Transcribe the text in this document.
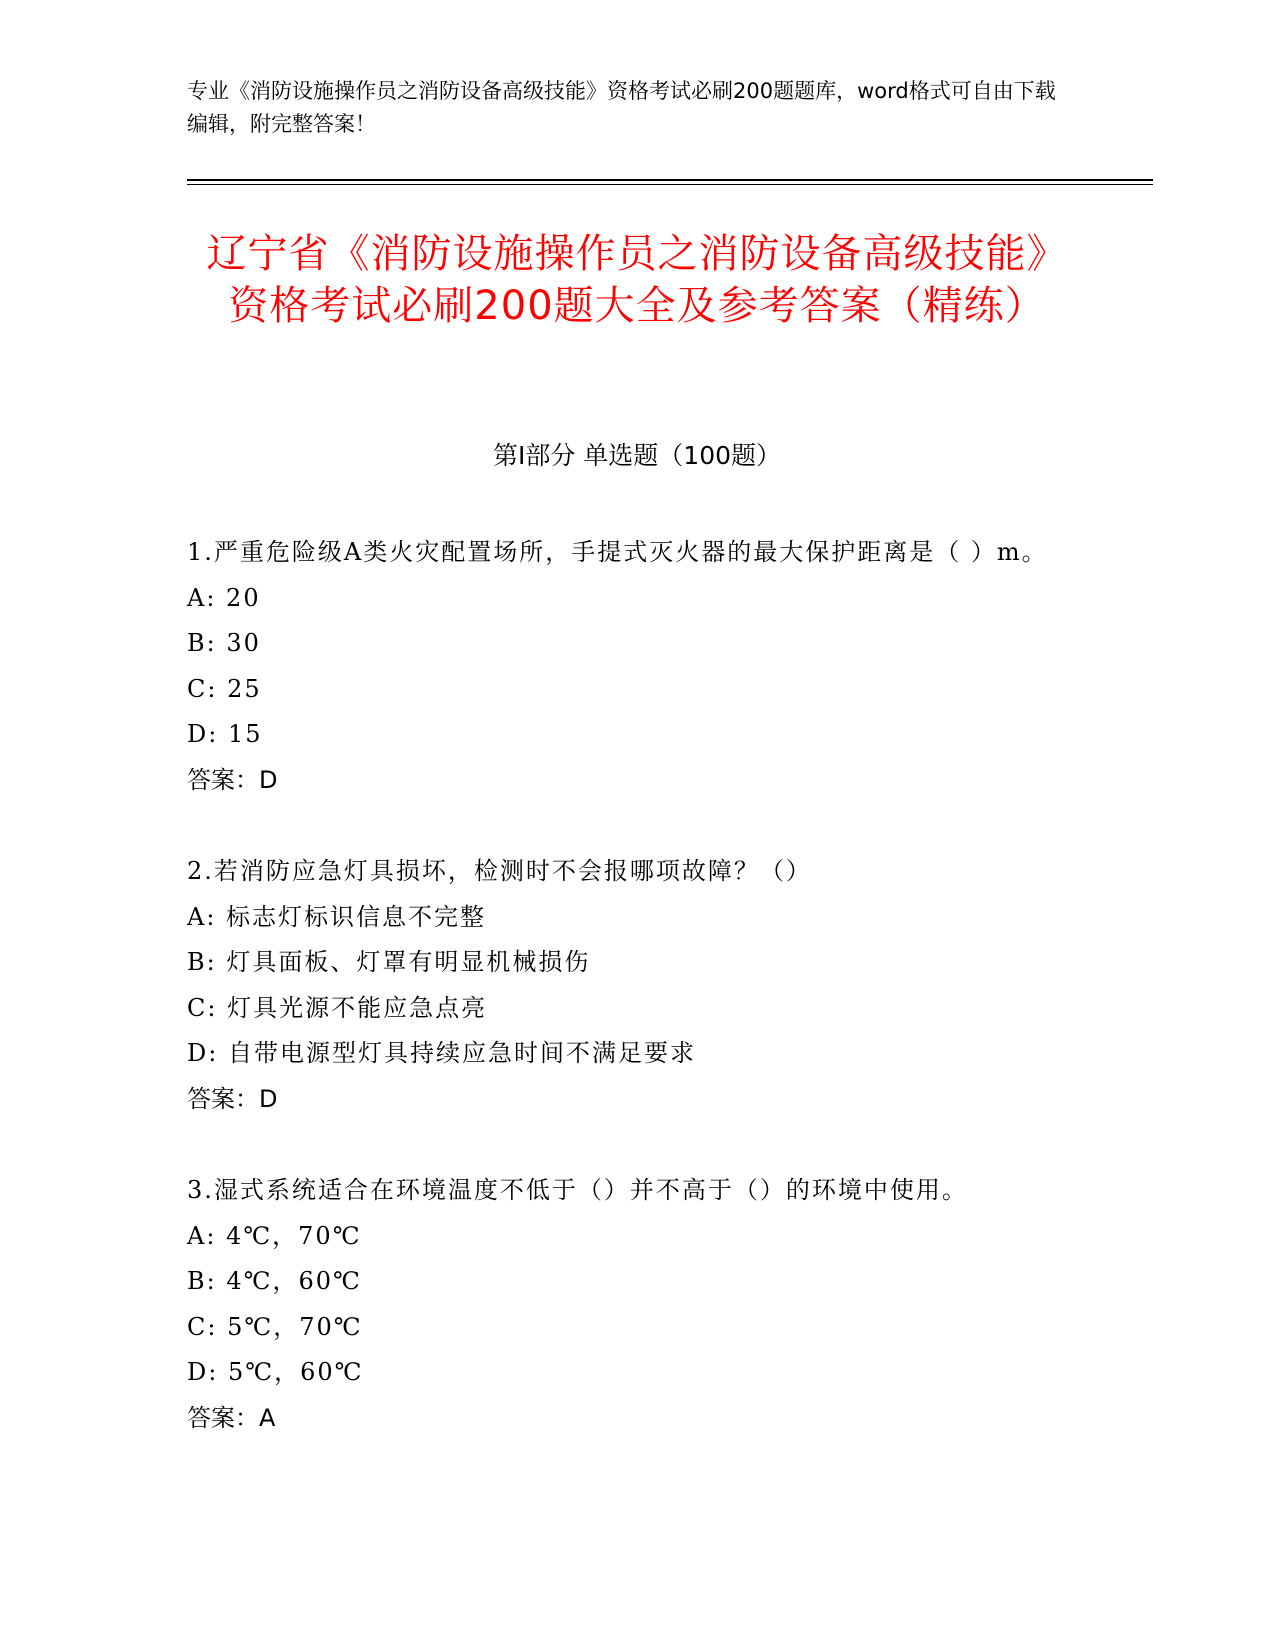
专业《消防设施操作员之消防设备高级技能》资格考试必刷200题题库，word格式可自由下载编辑，附完整答案！
辽宁省《消防设施操作员之消防设备高级技能》资格考试必刷200题大全及参考答案（精练）
第I部分 单选题（100题）
1.严重危险级A类火灾配置场所，手提式灭火器的最大保护距离是（ ）m。
A: 20
B: 30
C: 25
D: 15
答案：D
2.若消防应急灯具损坏，检测时不会报哪项故障？（）
A: 标志灯标识信息不完整
B: 灯具面板、灯罩有明显机械损伤
C: 灯具光源不能应急点亮
D: 自带电源型灯具持续应急时间不满足要求
答案：D
3.湿式系统适合在环境温度不低于（）并不高于（）的环境中使用。
A: 4℃，70℃
B: 4℃，60℃
C: 5℃，70℃
D: 5℃，60℃
答案：A
